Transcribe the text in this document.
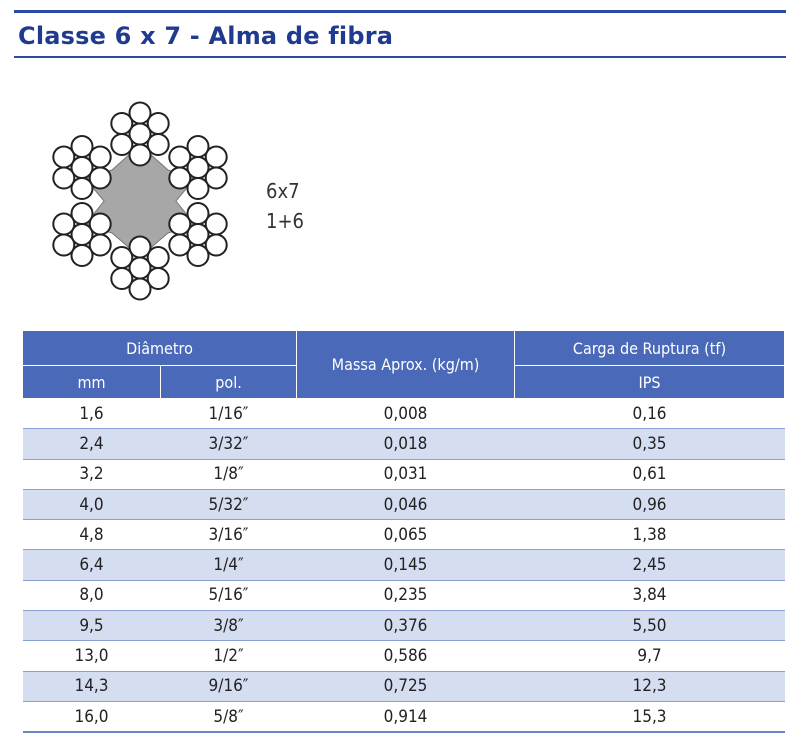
Classe 6 x 7 - Alma de fibra
6x7
1+6
Diâmetro		Massa Aprox. (kg/m)	Carga de Ruptura (tf)
mm	pol.		IPS
1,6	1/16″	0,008	0,16
2,4	3/32″	0,018	0,35
3,2	1/8″	0,031	0,61
4,0	5/32″	0,046	0,96
4,8	3/16″	0,065	1,38
6,4	1/4″	0,145	2,45
8,0	5/16″	0,235	3,84
9,5	3/8″	0,376	5,50
13,0	1/2″	0,586	9,7
14,3	9/16″	0,725	12,3
16,0	5/8″	0,914	15,3
